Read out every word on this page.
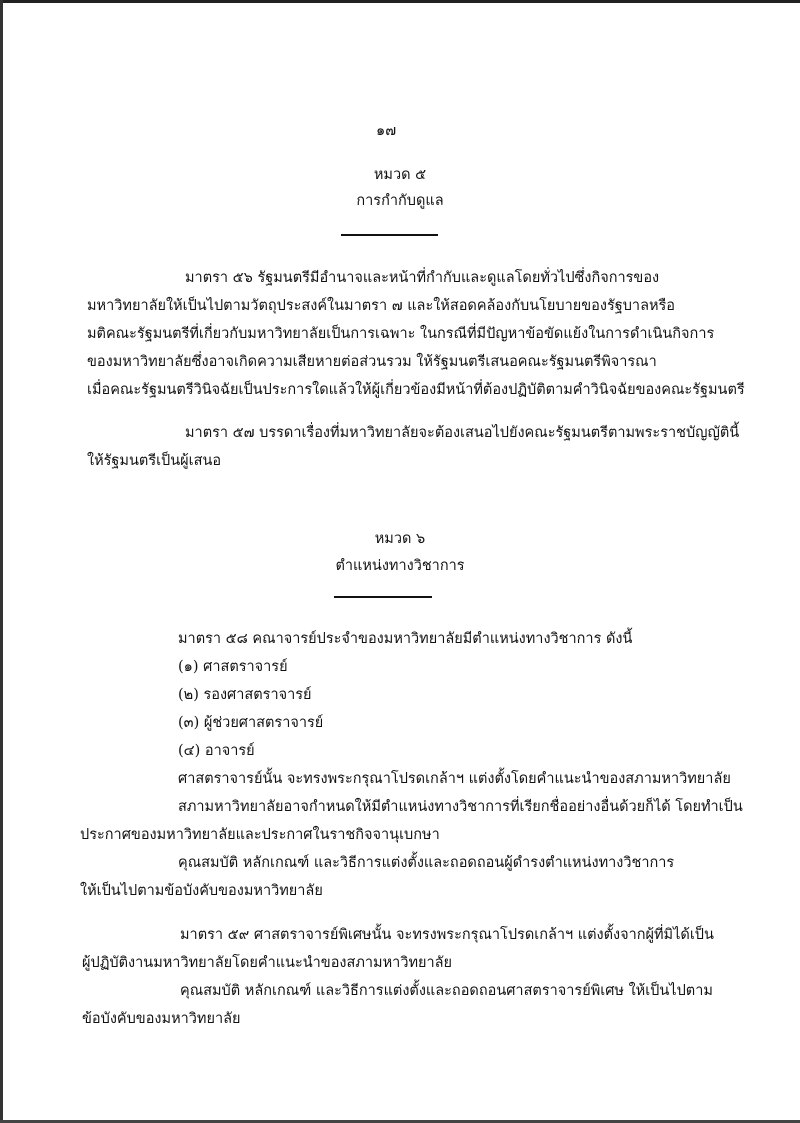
๑๗
หมวด ๕
การกำกับดูแล
มาตรา ๕๖ รัฐมนตรีมีอำนาจและหน้าที่กำกับและดูแลโดยทั่วไปซึ่งกิจการของ
มหาวิทยาลัยให้เป็นไปตามวัตถุประสงค์ในมาตรา ๗ และให้สอดคล้องกับนโยบายของรัฐบาลหรือ
มติคณะรัฐมนตรีที่เกี่ยวกับมหาวิทยาลัยเป็นการเฉพาะ ในกรณีที่มีปัญหาข้อขัดแย้งในการดำเนินกิจการ
ของมหาวิทยาลัยซึ่งอาจเกิดความเสียหายต่อส่วนรวม ให้รัฐมนตรีเสนอคณะรัฐมนตรีพิจารณา
เมื่อคณะรัฐมนตรีวินิจฉัยเป็นประการใดแล้วให้ผู้เกี่ยวข้องมีหน้าที่ต้องปฏิบัติตามคำวินิจฉัยของคณะรัฐมนตรี
มาตรา ๕๗ บรรดาเรื่องที่มหาวิทยาลัยจะต้องเสนอไปยังคณะรัฐมนตรีตามพระราชบัญญัตินี้
ให้รัฐมนตรีเป็นผู้เสนอ
หมวด ๖
ตำแหน่งทางวิชาการ
มาตรา ๕๘ คณาจารย์ประจำของมหาวิทยาลัยมีตำแหน่งทางวิชาการ ดังนี้
(๑) ศาสตราจารย์
(๒) รองศาสตราจารย์
(๓) ผู้ช่วยศาสตราจารย์
(๔) อาจารย์
ศาสตราจารย์นั้น จะทรงพระกรุณาโปรดเกล้าฯ แต่งตั้งโดยคำแนะนำของสภามหาวิทยาลัย
สภามหาวิทยาลัยอาจกำหนดให้มีตำแหน่งทางวิชาการที่เรียกชื่ออย่างอื่นด้วยก็ได้ โดยทำเป็น
ประกาศของมหาวิทยาลัยและประกาศในราชกิจจานุเบกษา
คุณสมบัติ หลักเกณฑ์ และวิธีการแต่งตั้งและถอดถอนผู้ดำรงตำแหน่งทางวิชาการ
ให้เป็นไปตามข้อบังคับของมหาวิทยาลัย
มาตรา ๕๙ ศาสตราจารย์พิเศษนั้น จะทรงพระกรุณาโปรดเกล้าฯ แต่งตั้งจากผู้ที่มิได้เป็น
ผู้ปฏิบัติงานมหาวิทยาลัยโดยคำแนะนำของสภามหาวิทยาลัย
คุณสมบัติ หลักเกณฑ์ และวิธีการแต่งตั้งและถอดถอนศาสตราจารย์พิเศษ ให้เป็นไปตาม
ข้อบังคับของมหาวิทยาลัย
